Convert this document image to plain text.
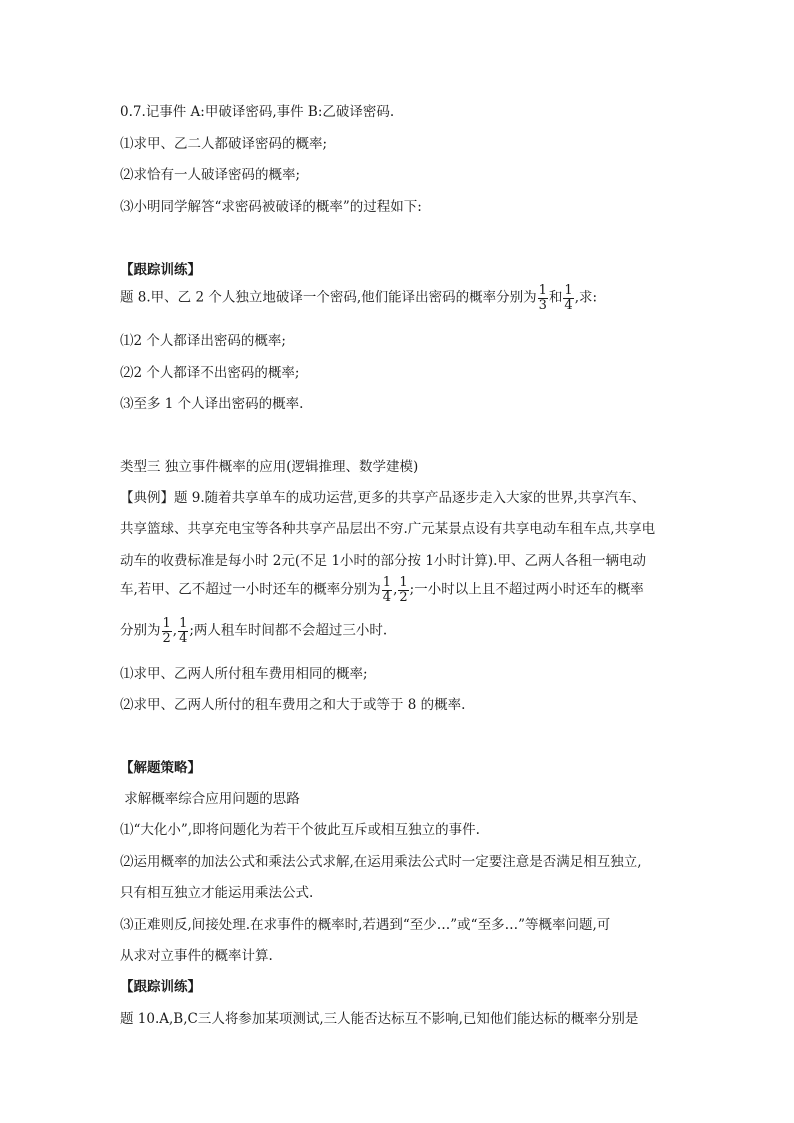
0.7.记事件 A:甲破译密码,事件 B:乙破译密码.
⑴求甲、乙二人都破译密码的概率;
⑵求恰有一人破译密码的概率;
⑶小明同学解答“求密码被破译的概率”的过程如下:
【跟踪训练】
题 8.甲、乙 2 个人独立地破译一个密码,他们能译出密码的概率分别为 $\frac{1}{3}$ 和 $\frac{1}{4}$ ,求:
⑴2 个人都译出密码的概率;
⑵2 个人都译不出密码的概率;
⑶至多 1 个人译出密码的概率.
类型三 独立事件概率的应用(逻辑推理、数学建模)
【典例】题 9.随着共享单车的成功运营,更多的共享产品逐步走入大家的世界,共享汽车、
共享篮球、共享充电宝等各种共享产品层出不穷.广元某景点设有共享电动车租车点,共享电
动车的收费标准是每小时 2元(不足 1小时的部分按 1小时计算).甲、乙两人各租一辆电动
车,若甲、乙不超过一小时还车的概率分别为 $\frac{1}{4}$ , $\frac{1}{2}$ ;一小时以上且不超过两小时还车的概率
分别为 $\frac{1}{2}$ , $\frac{1}{4}$ ;两人租车时间都不会超过三小时.
⑴求甲、乙两人所付租车费用相同的概率;
⑵求甲、乙两人所付的租车费用之和大于或等于 8 的概率.
【解题策略】
求解概率综合应用问题的思路
⑴“大化小”,即将问题化为若干个彼此互斥或相互独立的事件.
⑵运用概率的加法公式和乘法公式求解,在运用乘法公式时一定要注意是否满足相互独立,
只有相互独立才能运用乘法公式.
⑶正难则反,间接处理.在求事件的概率时,若遇到“至少…”或“至多…”等概率问题,可
从求对立事件的概率计算.
【跟踪训练】
题 10.A,B,C三人将参加某项测试,三人能否达标互不影响,已知他们能达标的概率分别是
